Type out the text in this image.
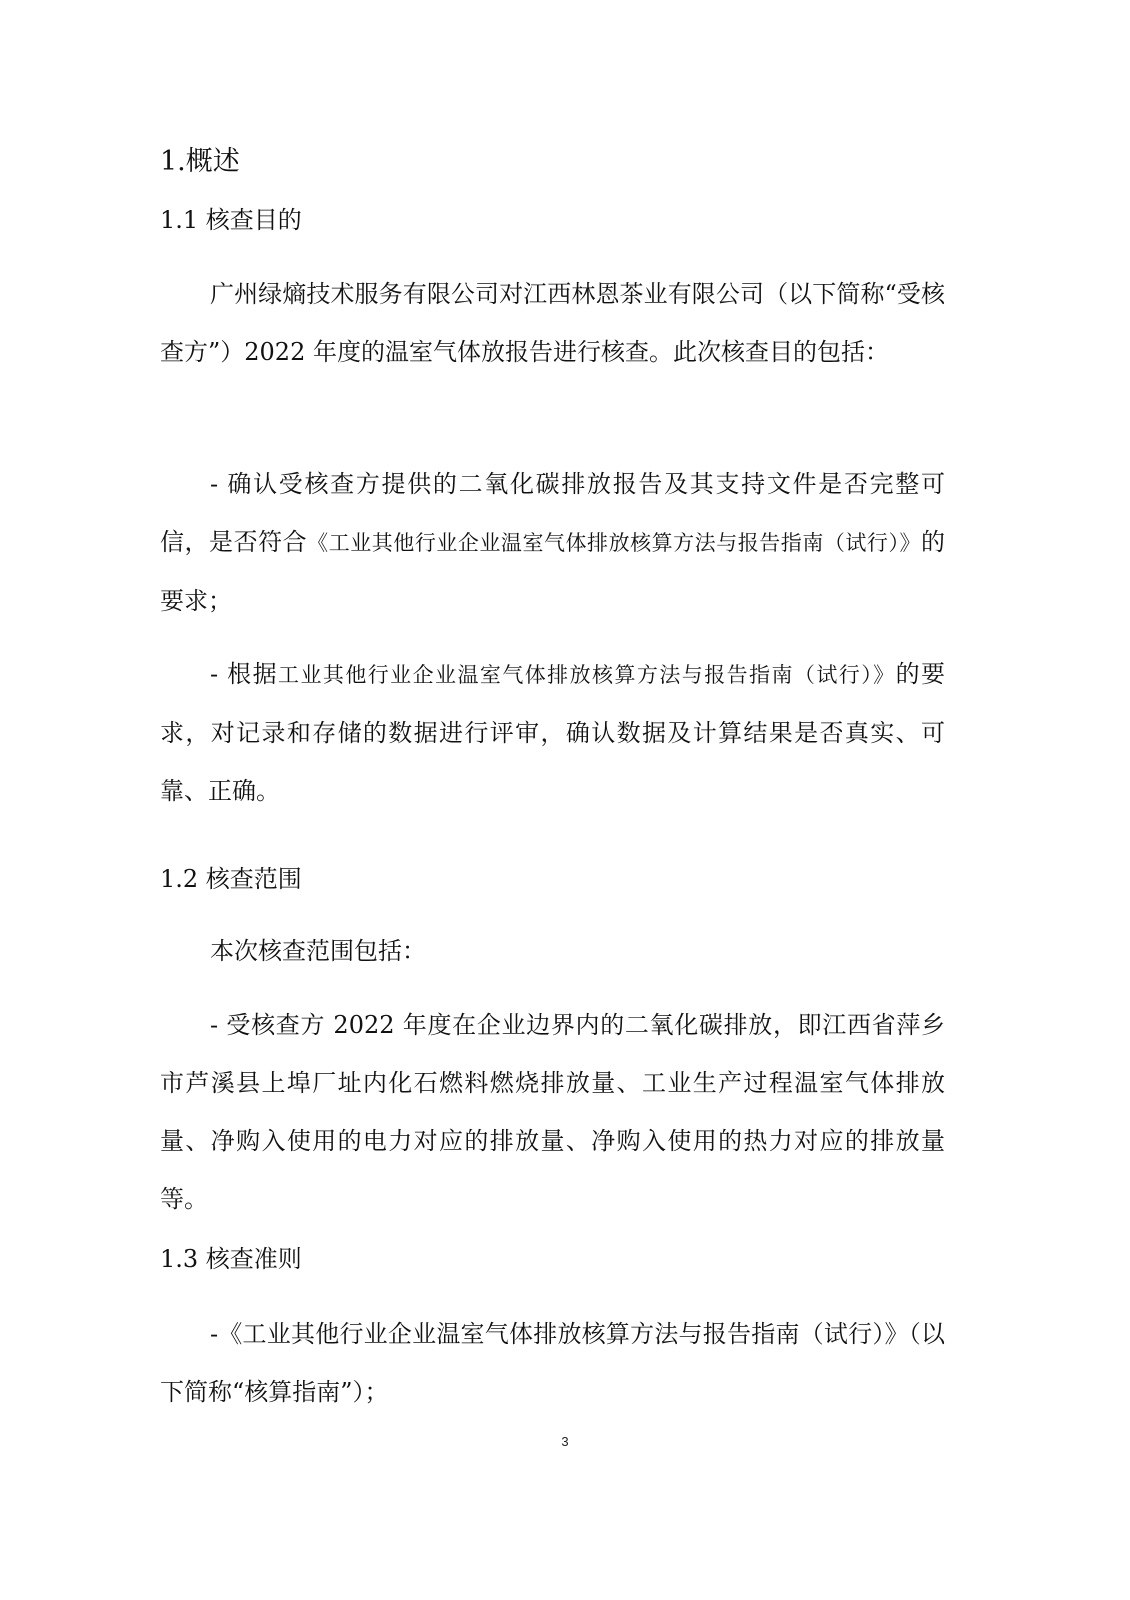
1.概述
1.1 核查目的

广州绿熵技术服务有限公司对江西林恩茶业有限公司（以下简称“受核查方”）2022 年度的温室气体放报告进行核查。此次核查目的包括：

- 确认受核查方提供的二氧化碳排放报告及其支持文件是否完整可信，是否符合《工业其他行业企业温室气体排放核算方法与报告指南（试行）》的要求；

- 根据工业其他行业企业温室气体排放核算方法与报告指南（试行）》的要求，对记录和存储的数据进行评审，确认数据及计算结果是否真实、可靠、正确。

1.2 核查范围

本次核查范围包括：

- 受核查方 2022 年度在企业边界内的二氧化碳排放，即江西省萍乡市芦溪县上埠厂址内化石燃料燃烧排放量、工业生产过程温室气体排放量、净购入使用的电力对应的排放量、净购入使用的热力对应的排放量等。

1.3 核查准则

-《工业其他行业企业温室气体排放核算方法与报告指南（试行）》（以下简称“核算指南”）；

3
